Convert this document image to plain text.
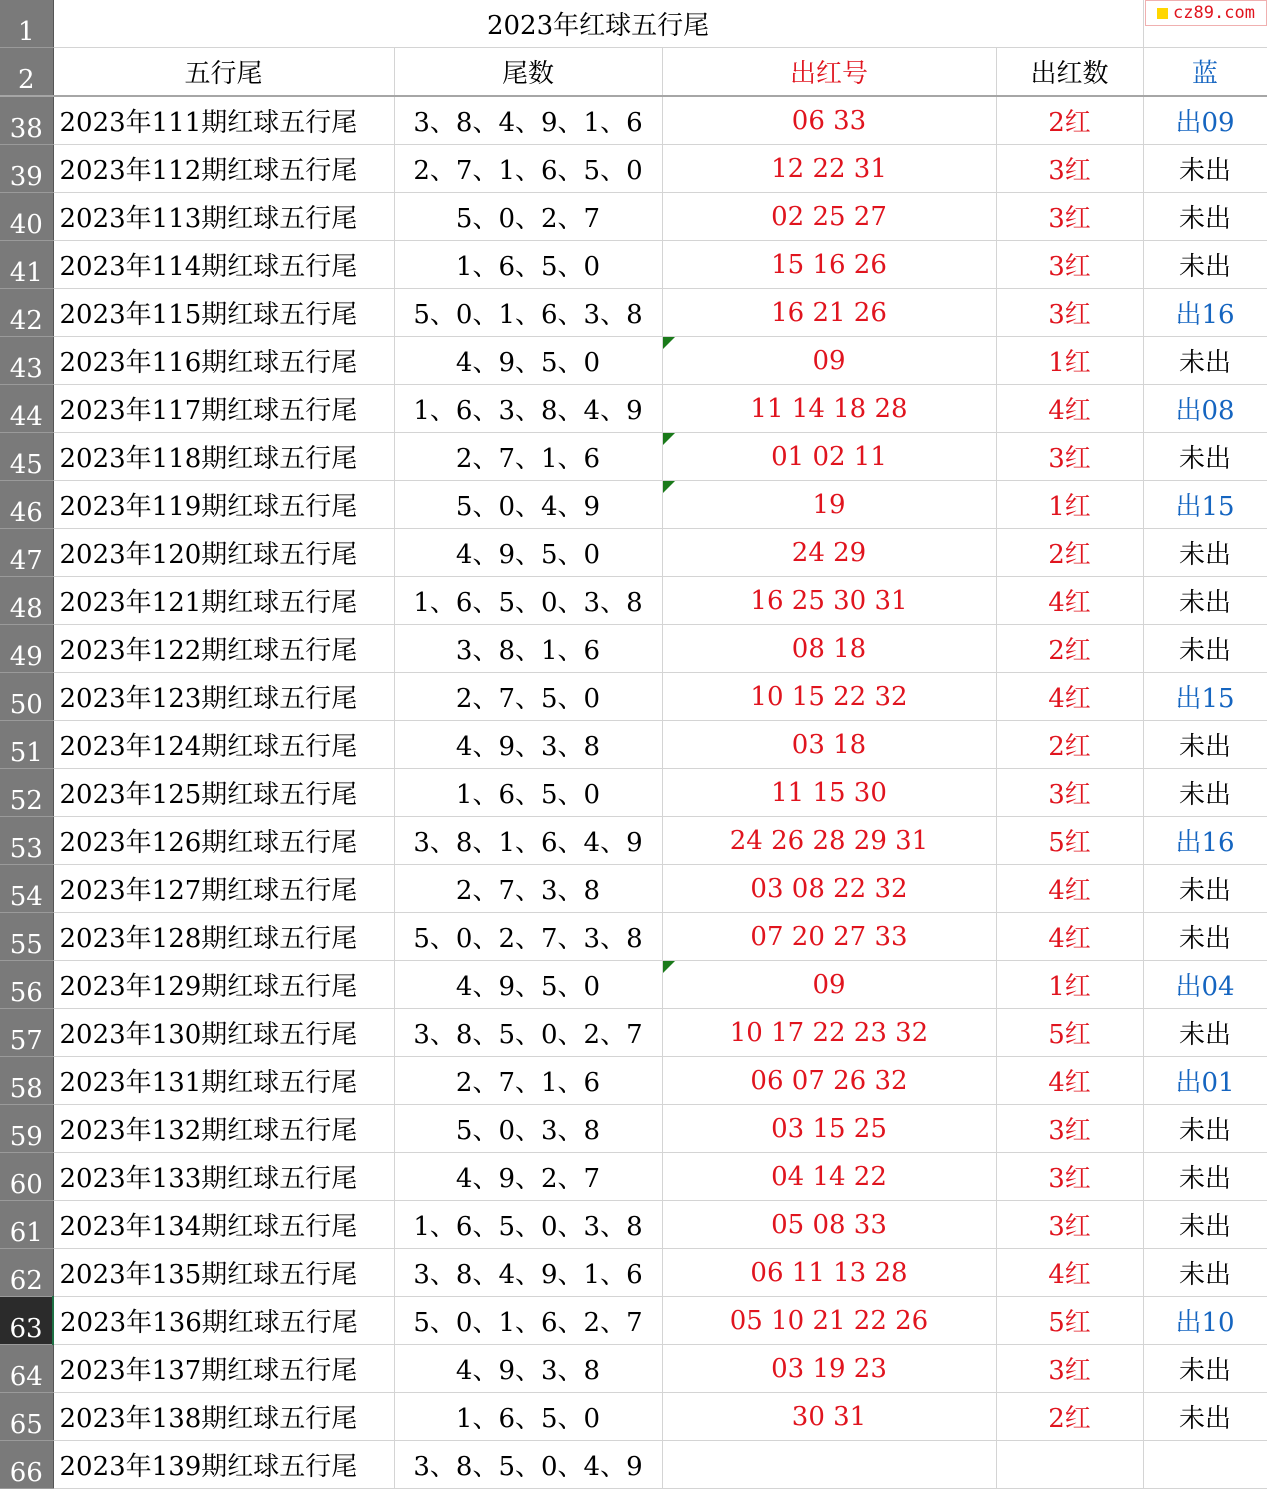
cz89.com
1	2023年红球五行尾				
2	五行尾	尾数	出红号	出红数	蓝
38	2023年111期红球五行尾	3、8、4、9、1、6	06 33	2红	出09
39	2023年112期红球五行尾	2、7、1、6、5、0	12 22 31	3红	未出
40	2023年113期红球五行尾	5、0、2、7	02 25 27	3红	未出
41	2023年114期红球五行尾	1、6、5、0	15 16 26	3红	未出
42	2023年115期红球五行尾	5、0、1、6、3、8	16 21 26	3红	出16
43	2023年116期红球五行尾	4、9、5、0	09	1红	未出
44	2023年117期红球五行尾	1、6、3、8、4、9	11 14 18 28	4红	出08
45	2023年118期红球五行尾	2、7、1、6	01 02 11	3红	未出
46	2023年119期红球五行尾	5、0、4、9	19	1红	出15
47	2023年120期红球五行尾	4、9、5、0	24 29	2红	未出
48	2023年121期红球五行尾	1、6、5、0、3、8	16 25 30 31	4红	未出
49	2023年122期红球五行尾	3、8、1、6	08 18	2红	未出
50	2023年123期红球五行尾	2、7、5、0	10 15 22 32	4红	出15
51	2023年124期红球五行尾	4、9、3、8	03 18	2红	未出
52	2023年125期红球五行尾	1、6、5、0	11 15 30	3红	未出
53	2023年126期红球五行尾	3、8、1、6、4、9	24 26 28 29 31	5红	出16
54	2023年127期红球五行尾	2、7、3、8	03 08 22 32	4红	未出
55	2023年128期红球五行尾	5、0、2、7、3、8	07 20 27 33	4红	未出
56	2023年129期红球五行尾	4、9、5、0	09	1红	出04
57	2023年130期红球五行尾	3、8、5、0、2、7	10 17 22 23 32	5红	未出
58	2023年131期红球五行尾	2、7、1、6	06 07 26 32	4红	出01
59	2023年132期红球五行尾	5、0、3、8	03 15 25	3红	未出
60	2023年133期红球五行尾	4、9、2、7	04 14 22	3红	未出
61	2023年134期红球五行尾	1、6、5、0、3、8	05 08 33	3红	未出
62	2023年135期红球五行尾	3、8、4、9、1、6	06 11 13 28	4红	未出
63	2023年136期红球五行尾	5、0、1、6、2、7	05 10 21 22 26	5红	出10
64	2023年137期红球五行尾	4、9、3、8	03 19 23	3红	未出
65	2023年138期红球五行尾	1、6、5、0	30 31	2红	未出
66	2023年139期红球五行尾	3、8、5、0、4、9			
